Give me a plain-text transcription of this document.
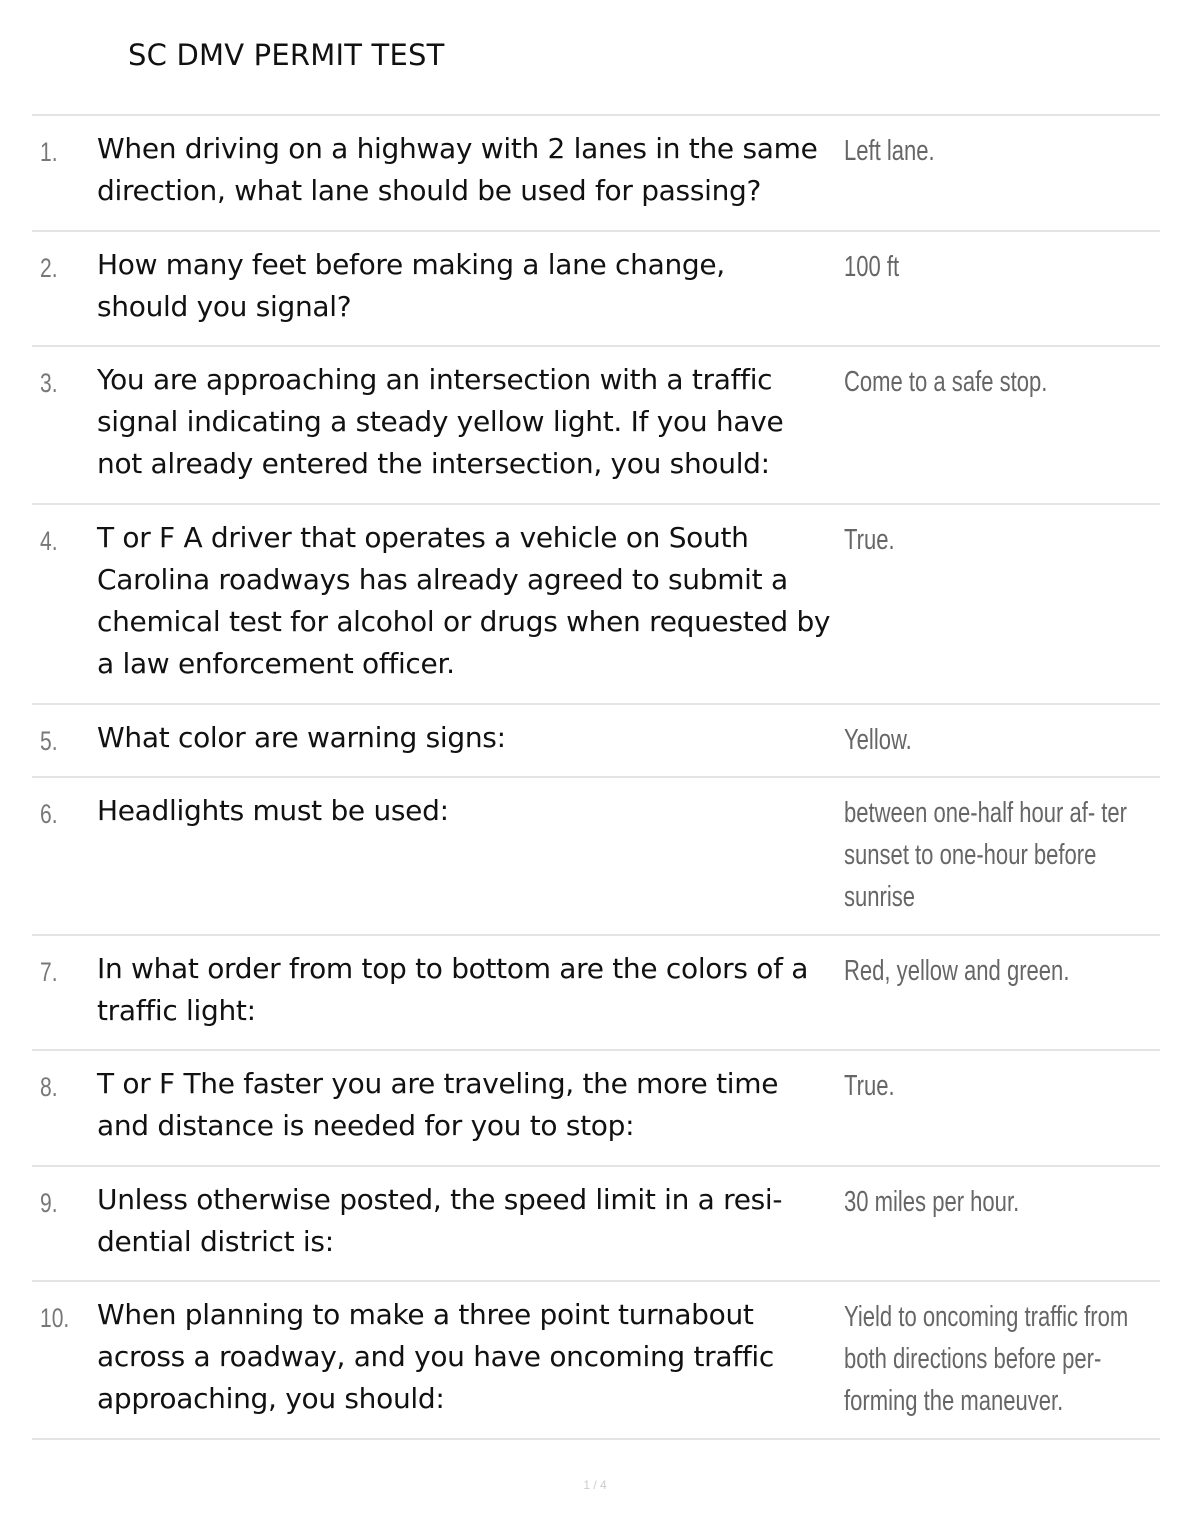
SC DMV PERMIT TEST
1. When driving on a highway with 2 lanes in the same direction, what lane should be used for passing?

Left lane.

2. How many feet before making a lane change, should you signal?

100 ft

3. You are approaching an intersection with a traffic signal indicating a steady yellow light. If you have not already entered the intersection, you should:

Come to a safe stop.

4. T or F A driver that operates a vehicle on South Carolina roadways has already agreed to submit a chemical test for alcohol or drugs when requested by a law enforcement officer.

True.

5. What color are warning signs:	Yellow.

6. Headlights must be used:	between one-half hour af- ter sunset to one-hour before sunrise

7. In what order from top to bottom are the colors of a traffic light:

Red, yellow and green.

8. T or F The faster you are traveling, the more time and distance is needed for you to stop:

True.

9. Unless otherwise posted, the speed limit in a resi- dential district is:

30 miles per hour.

10. When planning to make a three point turnabout across a roadway, and you have oncoming traffic approaching, you should:

Yield to oncoming traffic from both directions before per- forming the maneuver.

1 / 4
